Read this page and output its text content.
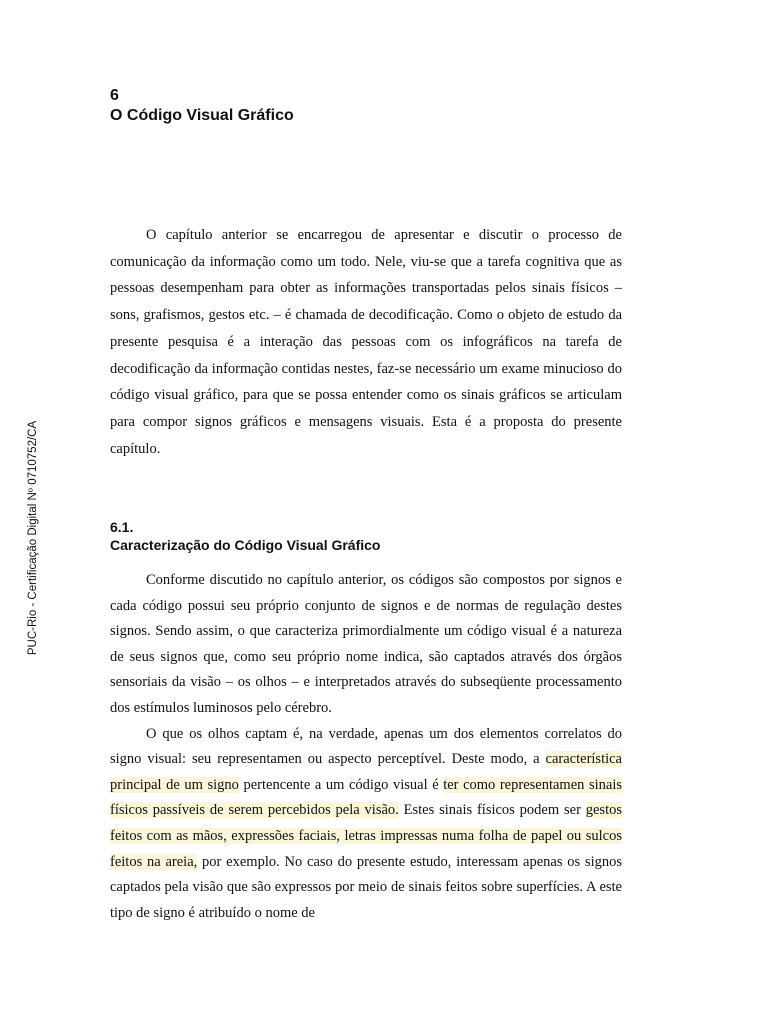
PUC-Rio - Certificação Digital Nº 0710752/CA
6
O Código Visual Gráfico

O capítulo anterior se encarregou de apresentar e discutir o processo de comunicação da informação como um todo. Nele, viu-se que a tarefa cognitiva que as pessoas desempenham para obter as informações transportadas pelos sinais físicos – sons, grafismos, gestos etc. – é chamada de decodificação. Como o objeto de estudo da presente pesquisa é a interação das pessoas com os infográficos na tarefa de decodificação da informação contidas nestes, faz-se necessário um exame minucioso do código visual gráfico, para que se possa entender como os sinais gráficos se articulam para compor signos gráficos e mensagens visuais. Esta é a proposta do presente capítulo.

6.1.
Caracterização do Código Visual Gráfico

Conforme discutido no capítulo anterior, os códigos são compostos por signos e cada código possui seu próprio conjunto de signos e de normas de regulação destes signos. Sendo assim, o que caracteriza primordialmente um código visual é a natureza de seus signos que, como seu próprio nome indica, são captados através dos órgãos sensoriais da visão – os olhos – e interpretados através do subseqüente processamento dos estímulos luminosos pelo cérebro.

O que os olhos captam é, na verdade, apenas um dos elementos correlatos do signo visual: seu representamen ou aspecto perceptível. Deste modo, a característica principal de um signo pertencente a um código visual é ter como representamen sinais físicos passíveis de serem percebidos pela visão. Estes sinais físicos podem ser gestos feitos com as mãos, expressões faciais, letras impressas numa folha de papel ou sulcos feitos na areia, por exemplo. No caso do presente estudo, interessam apenas os signos captados pela visão que são expressos por meio de sinais feitos sobre superfícies. A este tipo de signo é atribuído o nome de
